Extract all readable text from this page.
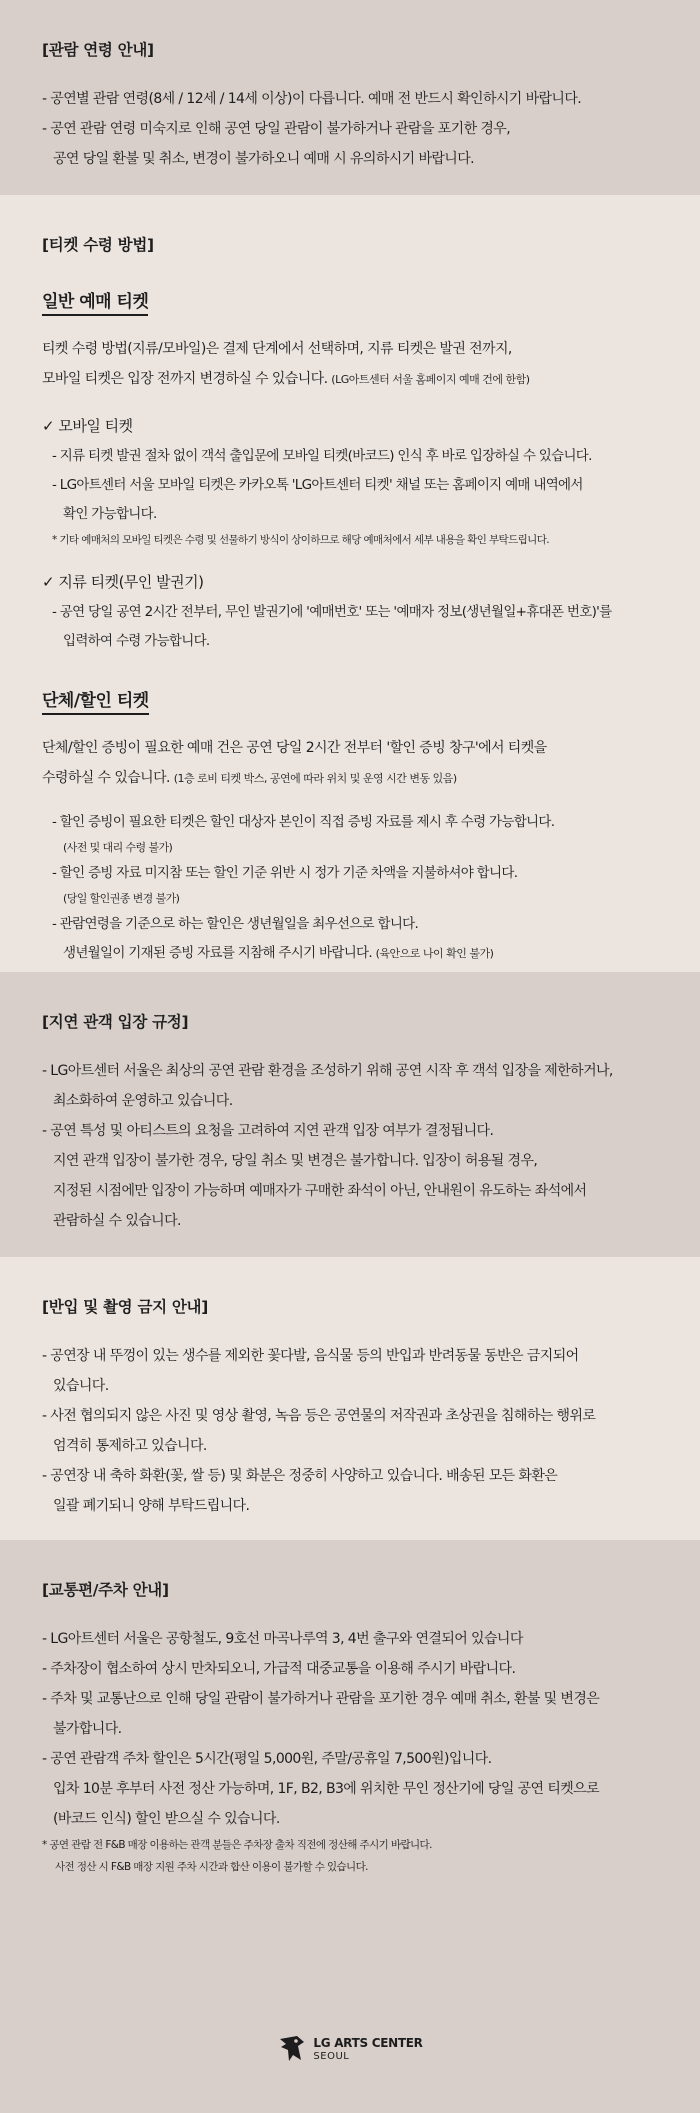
[관람 연령 안내]
- 공연별 관람 연령(8세 / 12세 / 14세 이상)이 다릅니다. 예매 전 반드시 확인하시기 바랍니다.
- 공연 관람 연령 미숙지로 인해 공연 당일 관람이 불가하거나 관람을 포기한 경우,
공연 당일 환불 및 취소, 변경이 불가하오니 예매 시 유의하시기 바랍니다.
[티켓 수령 방법]
일반 예매 티켓
티켓 수령 방법(지류/모바일)은 결제 단계에서 선택하며, 지류 티켓은 발권 전까지,
모바일 티켓은 입장 전까지 변경하실 수 있습니다. (LG아트센터 서울 홈페이지 예매 건에 한함)
✓ 모바일 티켓
- 지류 티켓 발권 절차 없이 객석 출입문에 모바일 티켓(바코드) 인식 후 바로 입장하실 수 있습니다.
- LG아트센터 서울 모바일 티켓은 카카오톡 'LG아트센터 티켓' 채널 또는 홈페이지 예매 내역에서
확인 가능합니다.
* 기타 예매처의 모바일 티켓은 수령 및 선물하기 방식이 상이하므로 해당 예매처에서 세부 내용을 확인 부탁드립니다.
✓ 지류 티켓(무인 발권기)
- 공연 당일 공연 2시간 전부터, 무인 발권기에 '예매번호' 또는 '예매자 정보(생년월일+휴대폰 번호)'를
입력하여 수령 가능합니다.
단체/할인 티켓
단체/할인 증빙이 필요한 예매 건은 공연 당일 2시간 전부터 '할인 증빙 창구'에서 티켓을
수령하실 수 있습니다. (1층 로비 티켓 박스, 공연에 따라 위치 및 운영 시간 변동 있음)
- 할인 증빙이 필요한 티켓은 할인 대상자 본인이 직접 증빙 자료를 제시 후 수령 가능합니다.
(사전 및 대리 수령 불가)
- 할인 증빙 자료 미지참 또는 할인 기준 위반 시 정가 기준 차액을 지불하셔야 합니다.
(당일 할인권종 변경 불가)
- 관람연령을 기준으로 하는 할인은 생년월일을 최우선으로 합니다.
생년월일이 기재된 증빙 자료를 지참해 주시기 바랍니다. (육안으로 나이 확인 불가)
[지연 관객 입장 규정]
- LG아트센터 서울은 최상의 공연 관람 환경을 조성하기 위해 공연 시작 후 객석 입장을 제한하거나,
최소화하여 운영하고 있습니다.
- 공연 특성 및 아티스트의 요청을 고려하여 지연 관객 입장 여부가 결정됩니다.
지연 관객 입장이 불가한 경우, 당일 취소 및 변경은 불가합니다. 입장이 허용될 경우,
지정된 시점에만 입장이 가능하며 예매자가 구매한 좌석이 아닌, 안내원이 유도하는 좌석에서
관람하실 수 있습니다.
[반입 및 촬영 금지 안내]
- 공연장 내 뚜껑이 있는 생수를 제외한 꽃다발, 음식물 등의 반입과 반려동물 동반은 금지되어
있습니다.
- 사전 협의되지 않은 사진 및 영상 촬영, 녹음 등은 공연물의 저작권과 초상권을 침해하는 행위로
엄격히 통제하고 있습니다.
- 공연장 내 축하 화환(꽃, 쌀 등) 및 화분은 정중히 사양하고 있습니다. 배송된 모든 화환은
일괄 폐기되니 양해 부탁드립니다.
[교통편/주차 안내]
- LG아트센터 서울은 공항철도, 9호선 마곡나루역 3, 4번 출구와 연결되어 있습니다
- 주차장이 협소하여 상시 만차되오니, 가급적 대중교통을 이용해 주시기 바랍니다.
- 주차 및 교통난으로 인해 당일 관람이 불가하거나 관람을 포기한 경우 예매 취소, 환불 및 변경은
불가합니다.
- 공연 관람객 주차 할인은 5시간(평일 5,000원, 주말/공휴일 7,500원)입니다.
입차 10분 후부터 사전 정산 가능하며, 1F, B2, B3에 위치한 무인 정산기에 당일 공연 티켓으로
(바코드 인식) 할인 받으실 수 있습니다.
* 공연 관람 전 F&B 매장 이용하는 관객 분들은 주차장 출차 직전에 정산해 주시기 바랍니다.
사전 정산 시 F&B 매장 지원 주차 시간과 합산 이용이 불가할 수 있습니다.
LG ARTS CENTER
SEOUL
